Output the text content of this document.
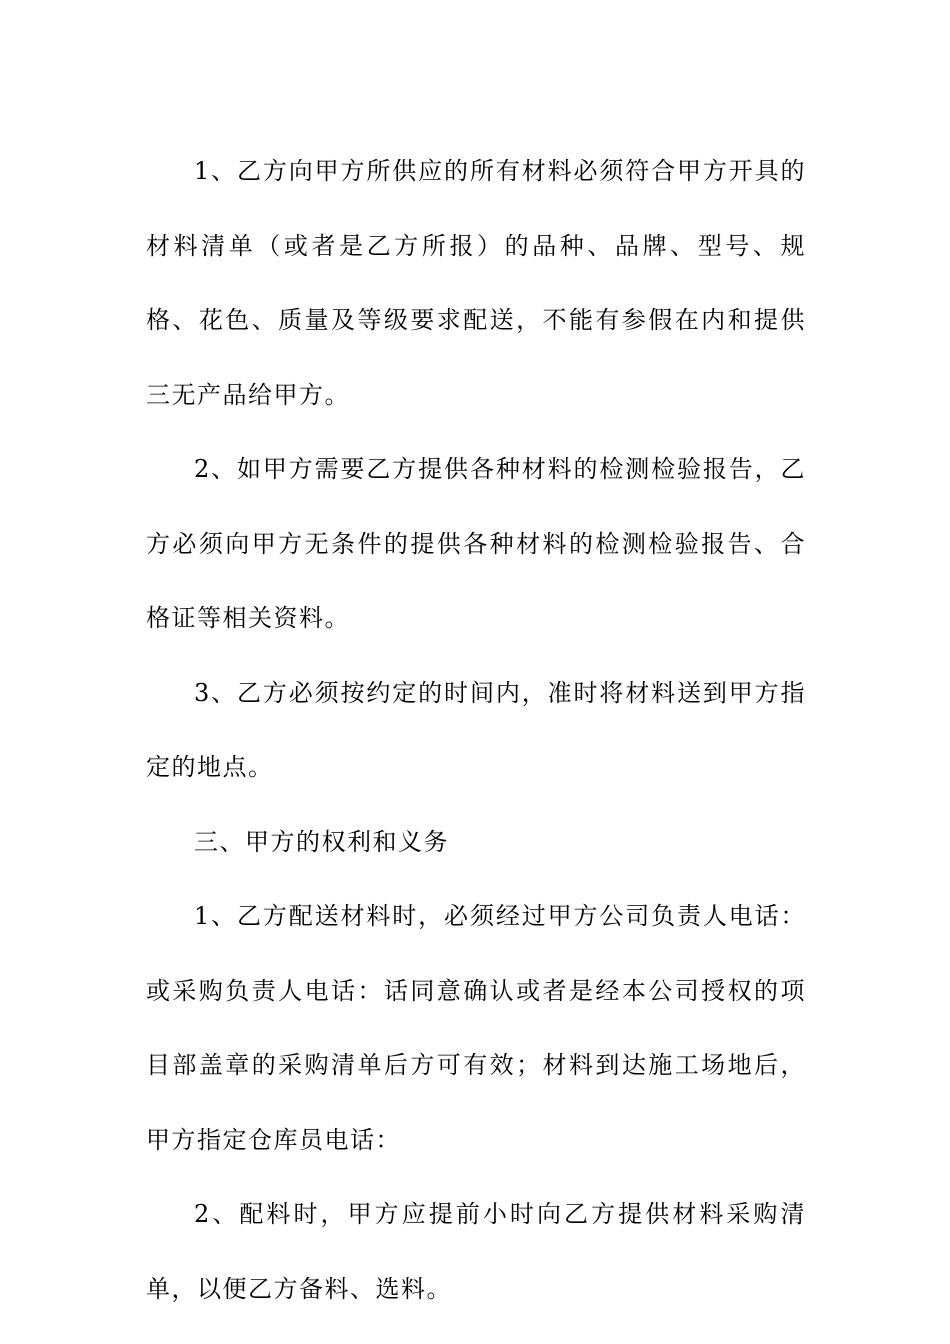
1、乙方向甲方所供应的所有材料必须符合甲方开具的材料清单（或者是乙方所报）的品种、品牌、型号、规格、花色、质量及等级要求配送，不能有参假在内和提供三无产品给甲方。

2、如甲方需要乙方提供各种材料的检测检验报告，乙方必须向甲方无条件的提供各种材料的检测检验报告、合格证等相关资料。

3、乙方必须按约定的时间内，准时将材料送到甲方指定的地点。

三、甲方的权利和义务

1、乙方配送材料时，必须经过甲方公司负责人电话：或采购负责人电话：话同意确认或者是经本公司授权的项目部盖章的采购清单后方可有效；材料到达施工场地后，甲方指定仓库员电话：

2、配料时，甲方应提前小时向乙方提供材料采购清单，以便乙方备料、选料。
